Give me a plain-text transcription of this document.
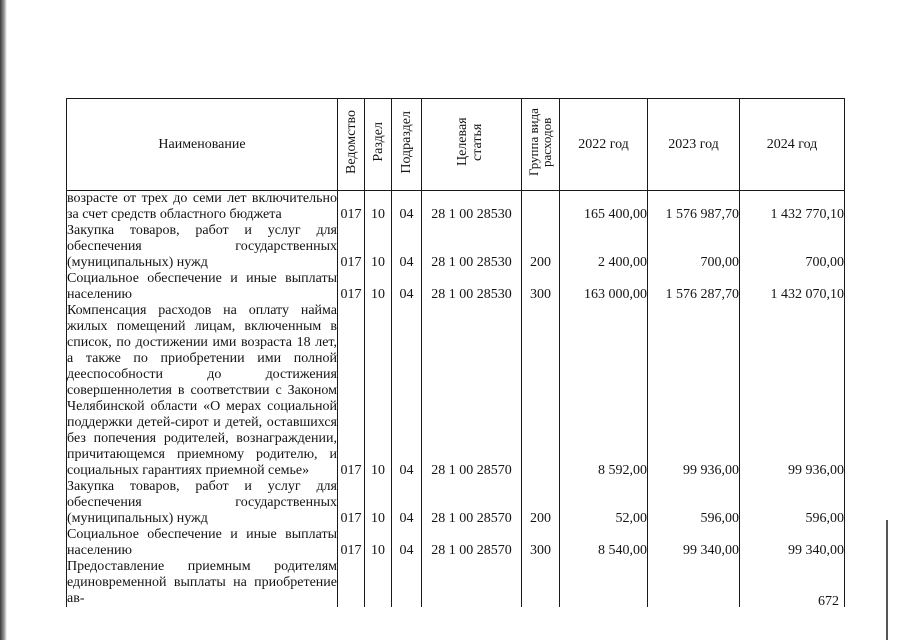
Наименование	Ведомство	Раздел	Подраздел	Целевая статья	Группа вида расходов	2022 год	2023 год	2024 год
возрасте от трех до семи лет включительно за счет средств областного бюджета	017	10	04	28 1 00 28530		165 400,00	1 576 987,70	1 432 770,10
Закупка товаров, работ и услуг для обеспечения государственных (муниципальных) нужд	017	10	04	28 1 00 28530	200	2 400,00	700,00	700,00
Социальное обеспечение и иные выплаты населению	017	10	04	28 1 00 28530	300	163 000,00	1 576 287,70	1 432 070,10
Компенсация расходов на оплату найма жилых помещений лицам, включенным в список, по достижении ими возраста 18 лет, а также по приобретении ими полной дееспособности до достижения совершеннолетия в соответствии с Законом Челябинской области «О мерах социальной поддержки детей-сирот и детей, оставшихся без попечения родителей, вознаграждении, причитающемся приемному родителю, и социальных гарантиях приемной семье»	017	10	04	28 1 00 28570		8 592,00	99 936,00	99 936,00
Закупка товаров, работ и услуг для обеспечения государственных (муниципальных) нужд	017	10	04	28 1 00 28570	200	52,00	596,00	596,00
Социальное обеспечение и иные выплаты населению	017	10	04	28 1 00 28570	300	8 540,00	99 340,00	99 340,00
Предоставление приемным родителям единовременной выплаты на приобретение ав-									672
